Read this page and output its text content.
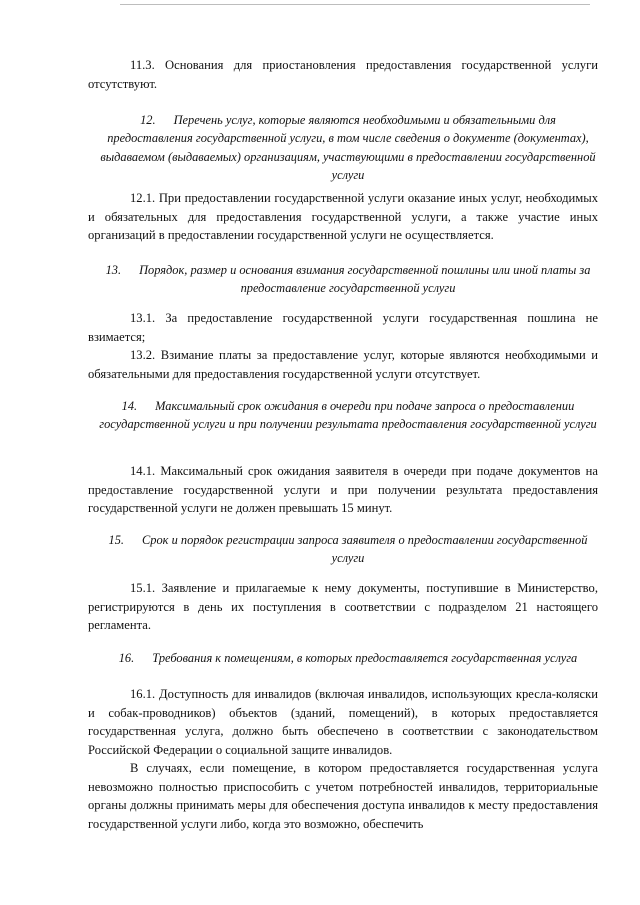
11.3. Основания для приостановления предоставления государственной услуги отсутствуют.

12. Перечень услуг, которые являются необходимыми и обязательными для предоставления государственной услуги, в том числе сведения о документе (документах), выдаваемом (выдаваемых) организациям, участвующими в предоставлении государственной услуги

12.1. При предоставлении государственной услуги оказание иных услуг, необходимых и обязательных для предоставления государственной услуги, а также участие иных организаций в предоставлении государственной услуги не осуществляется.

13. Порядок, размер и основания взимания государственной пошлины или иной платы за предоставление государственной услуги

13.1. За предоставление государственной услуги государственная пошлина не взимается;

13.2. Взимание платы за предоставление услуг, которые являются необходимыми и обязательными для предоставления государственной услуги отсутствует.

14. Максимальный срок ожидания в очереди при подаче запроса о предоставлении государственной услуги и при получении результата предоставления государственной услуги

14.1. Максимальный срок ожидания заявителя в очереди при подаче документов на предоставление государственной услуги и при получении результата предоставления государственной услуги не должен превышать 15 минут.

15. Срок и порядок регистрации запроса заявителя о предоставлении государственной услуги

15.1. Заявление и прилагаемые к нему документы, поступившие в Министерство, регистрируются в день их поступления в соответствии с подразделом 21 настоящего регламента.

16. Требования к помещениям, в которых предоставляется государственная услуга

16.1. Доступность для инвалидов (включая инвалидов, использующих кресла-коляски и собак-проводников) объектов (зданий, помещений), в которых предоставляется государственная услуга, должно быть обеспечено в соответствии с законодательством Российской Федерации о социальной защите инвалидов.

В случаях, если помещение, в котором предоставляется государственная услуга невозможно полностью приспособить с учетом потребностей инвалидов, территориальные органы должны принимать меры для обеспечения доступа инвалидов к месту предоставления государственной услуги либо, когда это возможно, обеспечить
